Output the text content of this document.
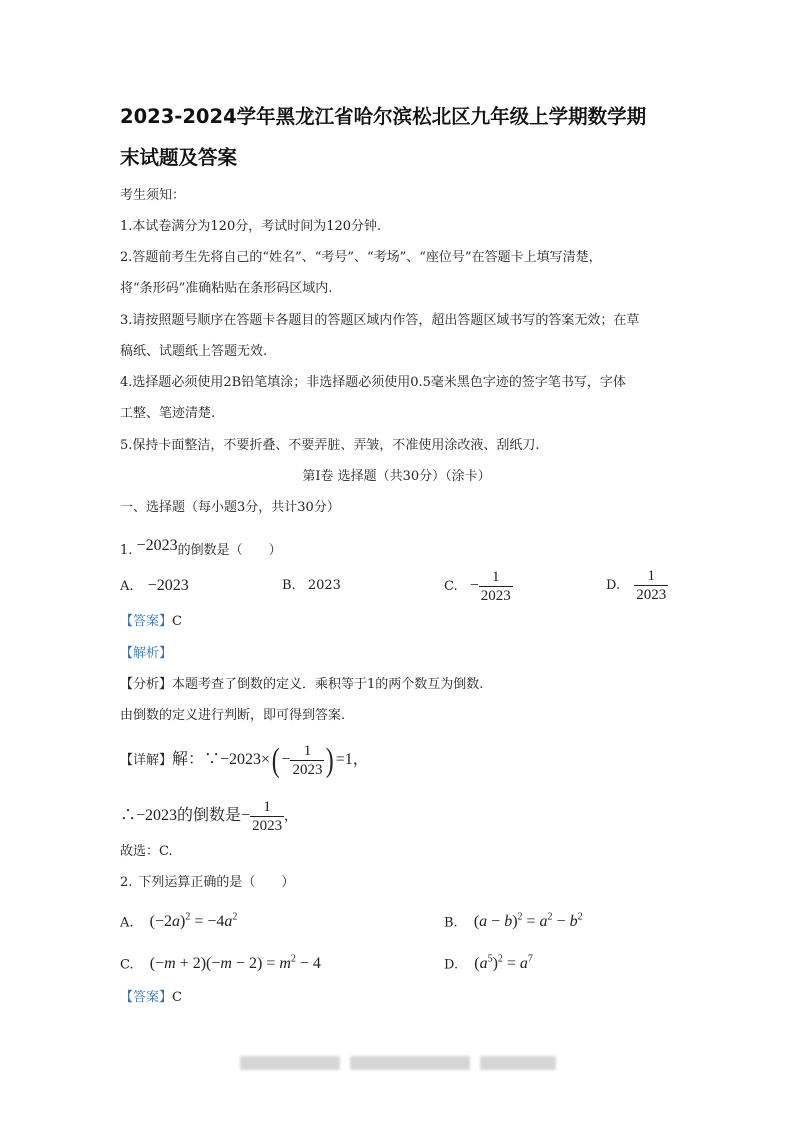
2023-2024学年黑龙江省哈尔滨松北区九年级上学期数学期
末试题及答案
考生须知：
1.本试卷满分为120分，考试时间为120分钟.
2.答题前考生先将自己的“姓名”、“考号”、“考场”、“座位号”在答题卡上填写清楚，
将“条形码”准确粘贴在条形码区域内.
3.请按照题号顺序在答题卡各题目的答题区域内作答，超出答题区域书写的答案无效；在草
稿纸、试题纸上答题无效.
4.选择题必须使用2B铅笔填涂；非选择题必须使用0.5毫米黑色字迹的签字笔书写，字体
工整、笔迹清楚.
5.保持卡面整洁，不要折叠、不要弄脏、弄皱，不准使用涂改液、刮纸刀.
第Ⅰ卷 选择题（共30分）（涂卡）
一、选择题（每小题3分，共计30分）
1. −2023的倒数是（　　）
A. −2023	B. 2023	C. − $\frac{1}{2023}$	D. $\frac{1}{2023}$
【答案】C
【解析】
【分析】本题考查了倒数的定义．乘积等于1的两个数互为倒数.
由倒数的定义进行判断，即可得到答案.
【详解】解：∵−2023×( − $\frac{1}{2023}$ ) =1，
∴−2023的倒数是− $\frac{1}{2023}$ ，
故选：C.
2. 下列运算正确的是（　　）
A. $(-2a)^2 = -4a^2$	B. $(a - b)^2 = a^2 - b^2$
C. $(-m + 2)(-m - 2) = m^2 - 4$	D. $(a^5)^2 = a^7$
【答案】C
